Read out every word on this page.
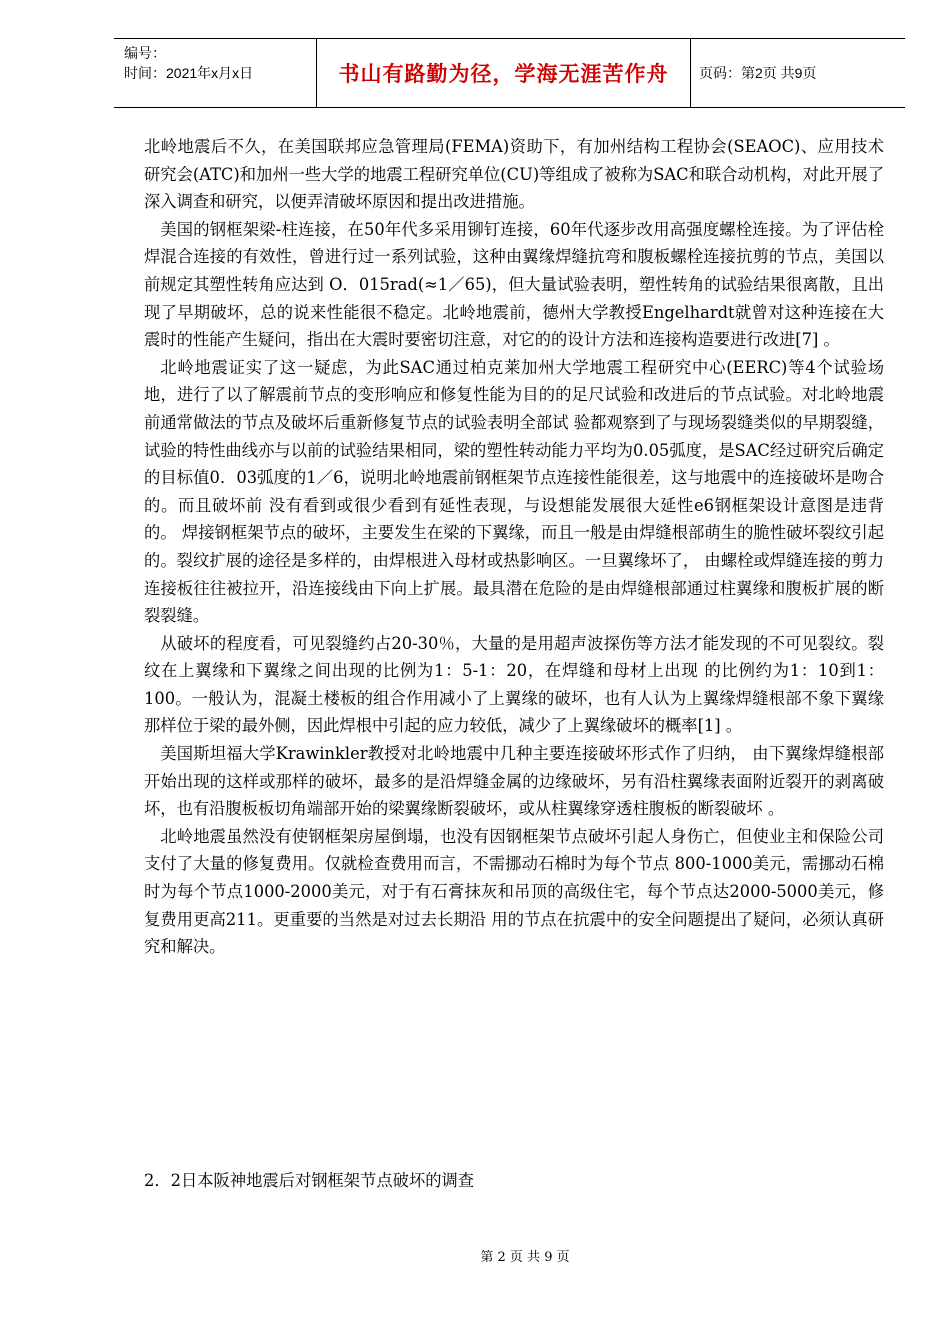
编号：
时间：2021年x月x日	书山有路勤为径，学海无涯苦作舟 页码：第2页 共9页

北岭地震后不久，在美国联邦应急管理局(FEMA)资助下，有加州结构工程协会(SEAOC)、应用技术研究会(ATC)和加州一些大学的地震工程研究单位(CU)等组成了被称为SAC和联合动机构，对此开展了深入调查和研究，以便弄清破坏原因和提出改进措施。

美国的钢框架梁-柱连接，在50年代多采用铆钉连接，60年代逐步改用高强度螺栓连接。为了评估栓焊混合连接的有效性，曾进行过一系列试验，这种由翼缘焊缝抗弯和腹板螺栓连接抗剪的节点，美国以前规定其塑性转角应达到 O．015rad(≈1／65)，但大量试验表明，塑性转角的试验结果很离散，且出现了早期破坏，总的说来性能很不稳定。北岭地震前，德州大学教授Engelhardt就曾对这种连接在大震时的性能产生疑问，指出在大震时要密切注意，对它的的设计方法和连接构造要进行改进[7] 。

北岭地震证实了这一疑虑，为此SAC通过柏克莱加州大学地震工程研究中心(EERC)等4个试验场地，进行了以了解震前节点的变形响应和修复性能为目的的足尺试验和改进后的节点试验。对北岭地震前通常做法的节点及破坏后重新修复节点的试验表明全部试 验都观察到了与现场裂缝类似的早期裂缝，试验的特性曲线亦与以前的试验结果相同，梁的塑性转动能力平均为0.05弧度，是SAC经过研究后确定的目标值0．03弧度的1／6，说明北岭地震前钢框架节点连接性能很差，这与地震中的连接破坏是吻合的。而且破坏前 没有看到或很少看到有延性表现，与设想能发展很大延性e6钢框架设计意图是违背的。 焊接钢框架节点的破坏，主要发生在梁的下翼缘，而且一般是由焊缝根部萌生的脆性破坏裂纹引起的。裂纹扩展的途径是多样的，由焊根进入母材或热影响区。一旦翼缘坏了， 由螺栓或焊缝连接的剪力连接板往往被拉开，沿连接线由下向上扩展。最具潜在危险的是由焊缝根部通过柱翼缘和腹板扩展的断裂裂缝。

从破坏的程度看，可见裂缝约占20-30％，大量的是用超声波探伤等方法才能发现的不可见裂纹。裂纹在上翼缘和下翼缘之间出现的比例为1：5-1：20，在焊缝和母材上出现 的比例约为1：10到1：100。一般认为，混凝土楼板的组合作用减小了上翼缘的破坏，也有人认为上翼缘焊缝根部不象下翼缘那样位于梁的最外侧，因此焊根中引起的应力较低，减少了上翼缘破坏的概率[1] 。

美国斯坦福大学Krawinkler教授对北岭地震中几种主要连接破坏形式作了归纳， 由下翼缘焊缝根部开始出现的这样或那样的破坏，最多的是沿焊缝金属的边缘破坏，另有沿柱翼缘表面附近裂开的剥离破坏，也有沿腹板板切角端部开始的梁翼缘断裂破坏，或从柱翼缘穿透柱腹板的断裂破坏 。

北岭地震虽然没有使钢框架房屋倒塌，也没有因钢框架节点破坏引起人身伤亡，但使业主和保险公司支付了大量的修复费用。仅就检查费用而言，不需挪动石棉时为每个节点 800-1000美元，需挪动石棉时为每个节点1000-2000美元，对于有石膏抹灰和吊顶的高级住宅，每个节点达2000-5000美元，修复费用更高211。更重要的当然是对过去长期沿 用的节点在抗震中的安全问题提出了疑问，必须认真研究和解决。

2．2日本阪神地震后对钢框架节点破坏的调查

第 2 页 共 9 页
